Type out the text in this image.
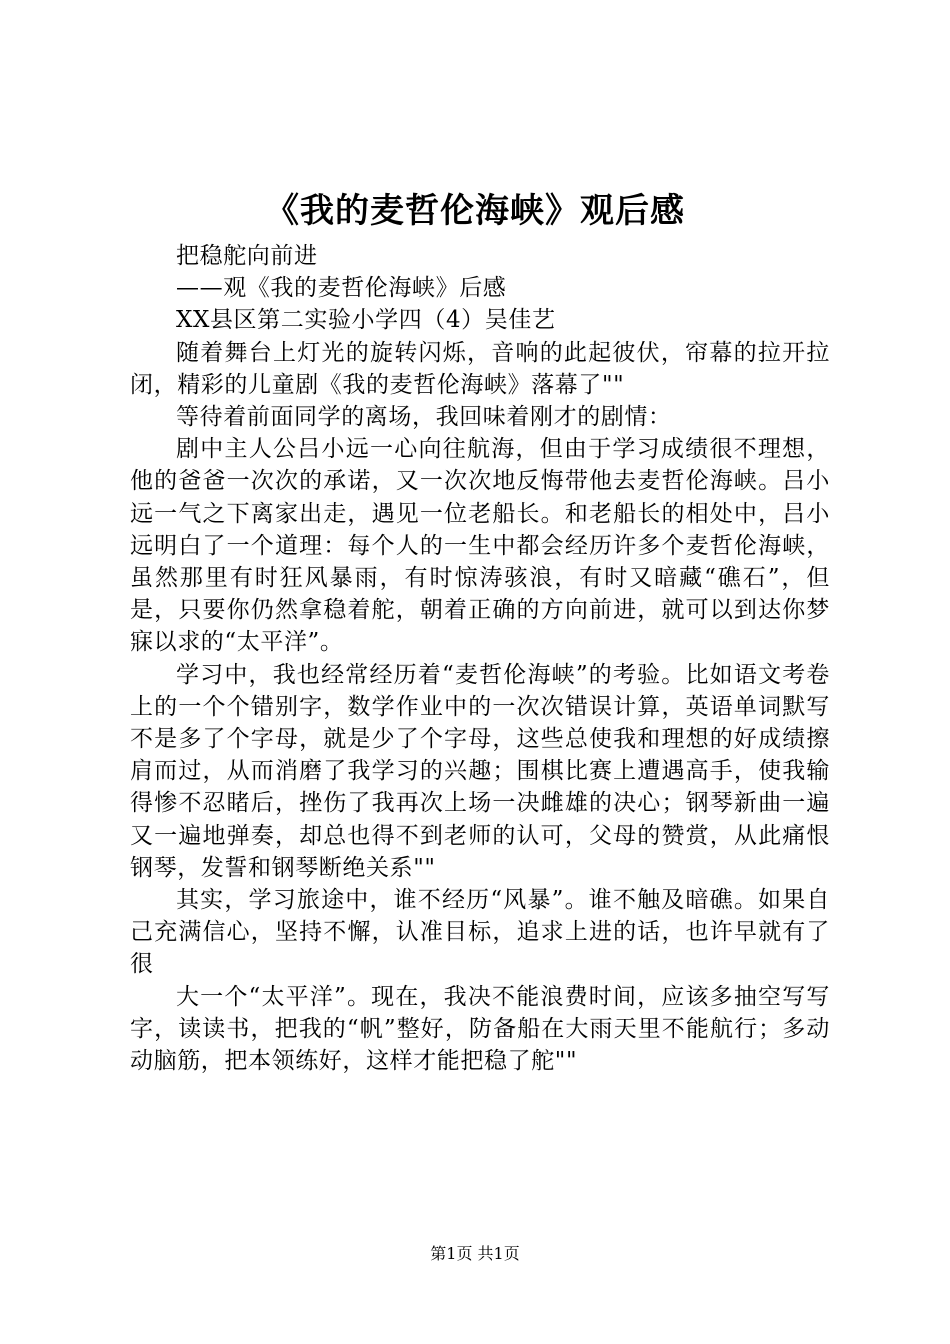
《我的麦哲伦海峡》观后感

把稳舵向前进

——观《我的麦哲伦海峡》后感

XX县区第二实验小学四（4）吴佳艺

随着舞台上灯光的旋转闪烁，音响的此起彼伏，帘幕的拉开拉闭，精彩的儿童剧《我的麦哲伦海峡》落幕了""

等待着前面同学的离场，我回味着刚才的剧情：

剧中主人公吕小远一心向往航海，但由于学习成绩很不理想，他的爸爸一次次的承诺，又一次次地反悔带他去麦哲伦海峡。吕小远一气之下离家出走，遇见一位老船长。和老船长的相处中，吕小远明白了一个道理：每个人的一生中都会经历许多个麦哲伦海峡，虽然那里有时狂风暴雨，有时惊涛骇浪，有时又暗藏“礁石”，但是，只要你仍然拿稳着舵，朝着正确的方向前进，就可以到达你梦寐以求的“太平洋”。

学习中，我也经常经历着“麦哲伦海峡”的考验。比如语文考卷上的一个个错别字，数学作业中的一次次错误计算，英语单词默写不是多了个字母，就是少了个字母，这些总使我和理想的好成绩擦肩而过，从而消磨了我学习的兴趣；围棋比赛上遭遇高手，使我输得惨不忍睹后，挫伤了我再次上场一决雌雄的决心；钢琴新曲一遍又一遍地弹奏，却总也得不到老师的认可，父母的赞赏，从此痛恨钢琴，发誓和钢琴断绝关系""

其实，学习旅途中，谁不经历“风暴”。谁不触及暗礁。如果自己充满信心，坚持不懈，认准目标，追求上进的话，也许早就有了很

大一个“太平洋”。现在，我决不能浪费时间，应该多抽空写写字，读读书，把我的“帆”整好，防备船在大雨天里不能航行；多动动脑筋，把本领练好，这样才能把稳了舵""

第1页 共1页
